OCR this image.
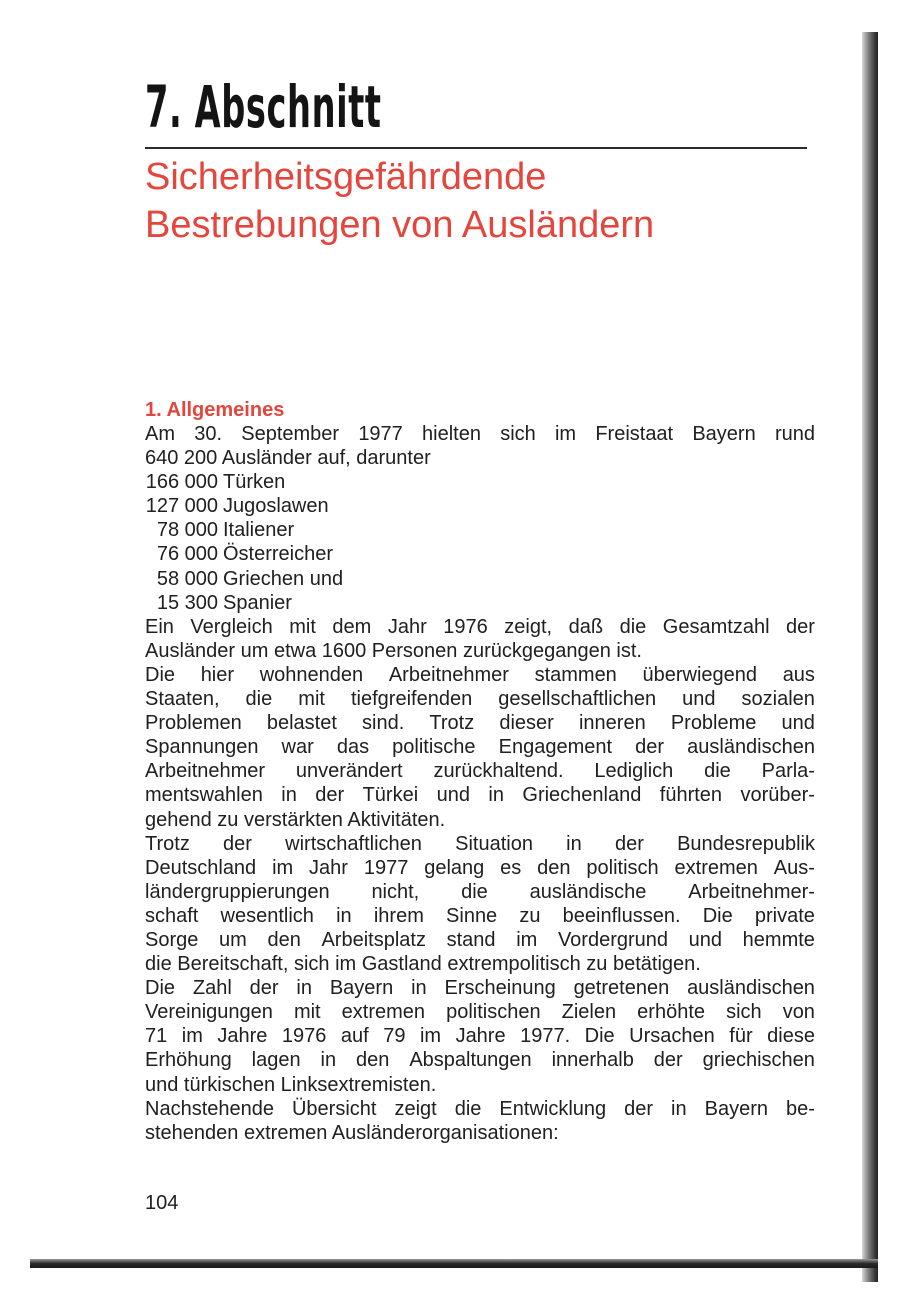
7. Abschnitt
Sicherheitsgefährdende
Bestrebungen von Ausländern
1. Allgemeines
Am 30. September 1977 hielten sich im Freistaat Bayern rund
640 200 Ausländer auf, darunter
166 000 Türken
127 000 Jugoslawen
78 000 Italiener
76 000 Österreicher
58 000 Griechen und
15 300 Spanier
Ein Vergleich mit dem Jahr 1976 zeigt, daß die Gesamtzahl der
Ausländer um etwa 1600 Personen zurückgegangen ist.
Die hier wohnenden Arbeitnehmer stammen überwiegend aus
Staaten, die mit tiefgreifenden gesellschaftlichen und sozialen
Problemen belastet sind. Trotz dieser inneren Probleme und
Spannungen war das politische Engagement der ausländischen
Arbeitnehmer unverändert zurückhaltend. Lediglich die Parla-
mentswahlen in der Türkei und in Griechenland führten vorüber-
gehend zu verstärkten Aktivitäten.
Trotz der wirtschaftlichen Situation in der Bundesrepublik
Deutschland im Jahr 1977 gelang es den politisch extremen Aus-
ländergruppierungen nicht, die ausländische Arbeitnehmer-
schaft wesentlich in ihrem Sinne zu beeinflussen. Die private
Sorge um den Arbeitsplatz stand im Vordergrund und hemmte
die Bereitschaft, sich im Gastland extrempolitisch zu betätigen.
Die Zahl der in Bayern in Erscheinung getretenen ausländischen
Vereinigungen mit extremen politischen Zielen erhöhte sich von
71 im Jahre 1976 auf 79 im Jahre 1977. Die Ursachen für diese
Erhöhung lagen in den Abspaltungen innerhalb der griechischen
und türkischen Linksextremisten.
Nachstehende Übersicht zeigt die Entwicklung der in Bayern be-
stehenden extremen Ausländerorganisationen:
104
